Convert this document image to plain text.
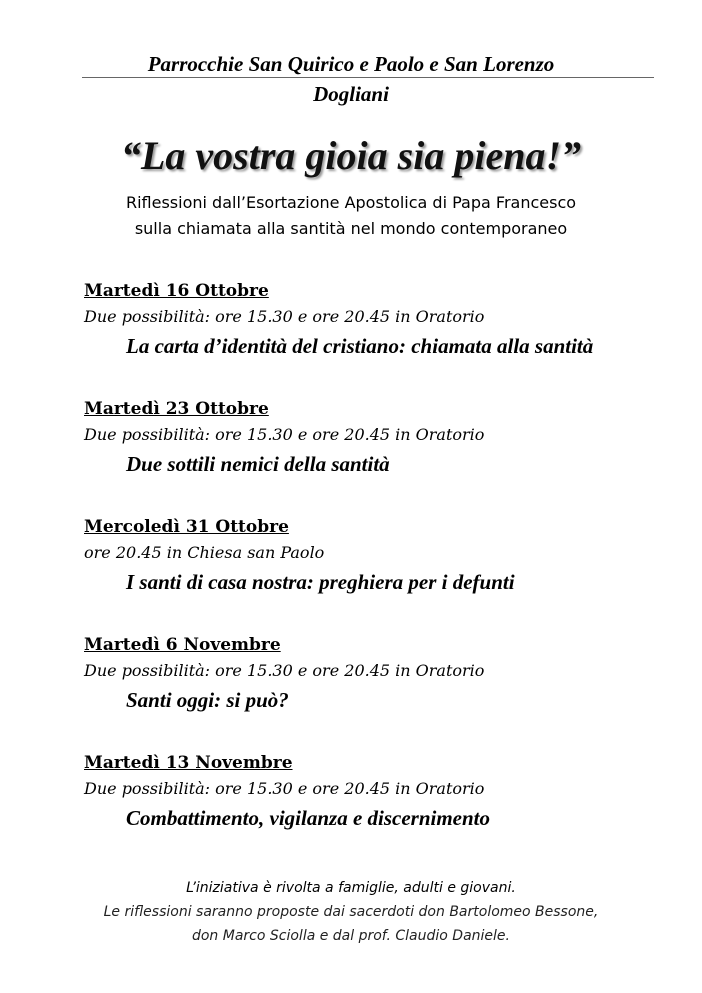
Parrocchie San Quirico e Paolo e San Lorenzo
Dogliani
“La vostra gioia sia piena!”
Riflessioni dall’Esortazione Apostolica di Papa Francesco
sulla chiamata alla santità nel mondo contemporaneo
Martedì 16 Ottobre
Due possibilità: ore 15.30 e ore 20.45 in Oratorio
La carta d’identità del cristiano: chiamata alla santità
Martedì 23 Ottobre
Due possibilità: ore 15.30 e ore 20.45 in Oratorio
Due sottili nemici della santità
Mercoledì 31 Ottobre
ore 20.45 in Chiesa san Paolo
I santi di casa nostra: preghiera per i defunti
Martedì 6 Novembre
Due possibilità: ore 15.30 e ore 20.45 in Oratorio
Santi oggi: si può?
Martedì 13 Novembre
Due possibilità: ore 15.30 e ore 20.45 in Oratorio
Combattimento, vigilanza e discernimento
L’iniziativa è rivolta a famiglie, adulti e giovani.
Le riflessioni saranno proposte dai sacerdoti don Bartolomeo Bessone,
don Marco Sciolla e dal prof. Claudio Daniele.
